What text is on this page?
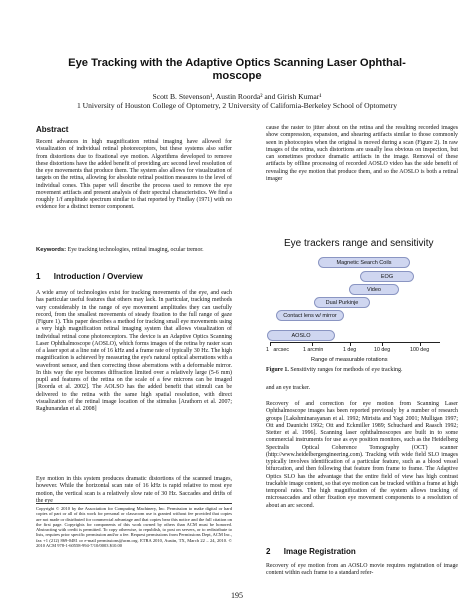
Eye Tracking with the Adaptive Optics Scanning Laser Ophthal-
moscope
Scott B. Stevenson¹, Austin Roorda² and Girish Kumar¹
1 University of Houston College of Optometry, 2 University of California-Berkeley School of Optometry
Abstract
Recent advances in high magnification retinal imaging have allowed for visualization of individual retinal photoreceptors, but these systems also suffer from distortions due to fixational eye motion. Algorithms developed to remove these distortions have the added benefit of providing arc second level resolution of the eye movements that produce them. The system also allows for visualization of targets on the retina, allowing for absolute retinal position measures to the level of individual cones. This paper will describe the process used to remove the eye movement artifacts and present analysis of their spectral characteristics. We find a roughly 1/f amplitude spectrum similar to that reported by Findlay (1971) with no evidence for a distinct tremor component.
Keywords: Eye tracking technologies, retinal imaging, ocular tremor.
1      Introduction / Overview
A wide array of technologies exist for tracking movements of the eye, and each has particular useful features that others may lack. In particular, tracking methods vary considerably in the range of eye movement amplitudes they can usefully record, from the smallest movements of steady fixation to the full range of gaze (Figure 1). This paper describes a method for tracking small eye movements using a very high magnification retinal imaging system that allows visualization of individual retinal cone photoreceptors. The device is an Adaptive Optics Scanning Laser Ophthalmoscope (AOSLO), which forms images of the retina by raster scan of a laser spot at a line rate of 16 kHz and a frame rate of typically 30 Hz. The high magnification is achieved by measuring the eye's natural optical aberrations with a wavefront sensor, and then correcting those aberrations with a deformable mirror. In this way the eye becomes diffraction limited over a relatively large (5-6 mm) pupil and features of the retina on the scale of a few microns can be imaged [Roorda et al. 2002]. The AOLSO has the added benefit that stimuli can be delivered to the retina with the same high spatial resolution, with direct visualization of the retinal image location of the stimulus [Arathorn et al. 2007; Raghunandan et al. 2008]
Eye motion in this system produces dramatic distortions of the scanned images, however. While the horizontal scan rate of 16 kHz is rapid relative to most eye motion, the vertical scan is a relatively slow rate of 30 Hz. Saccades and drifts of the eye
Copyright © 2010 by the Association for Computing Machinery, Inc. Permission to make digital or hard copies of part or all of this work for personal or classroom use is granted without fee provided that copies are not made or distributed for commercial advantage and that copies bear this notice and the full citation on the first page. Copyrights for components of this work owned by others than ACM must be honored. Abstracting with credit is permitted. To copy otherwise, to republish, to post on servers, or to redistribute to lists, requires prior specific permission and/or a fee. Request permissions from Permissions Dept, ACM Inc., fax +1 (212) 869-0481 or e-mail permissions@acm.org. ETRA 2010, Austin, TX, March 22 – 24, 2010. © 2010 ACM 978-1-60558-994-7/10/0003 $10.00
cause the raster to jitter about on the retina and the resulting recorded images show compression, expansion, and shearing artifacts similar to those commonly seen in photocopies when the original is moved during a scan (Figure 2). In raw images of the retina, such distortions are usually less obvious on inspection, but can sometimes produce dramatic artifacts in the image. Removal of these artifacts by offline processing of recorded AOSLO video has the side benefit of revealing the eye motion that produce them, and so the AOSLO is both a retinal imager
Eye trackers range and sensitivity
Magnetic Search Coils
EOG
Video
Dual Purkinje
Contact lens w/ mirror
AOSLO
1   arcsec	1 arcmin	1 deg	10 deg	100 deg
Range of measurable rotations
Figure 1. Sensitivity ranges for methods of eye tracking.
and an eye tracker.
Recovery of and correction for eye motion from Scanning Laser Ophthalmoscope images has been reported previously by a number of research groups [Lakshminarayanan et al. 1992; Mirisita and Yagi 2001; Mulligan 1997; Ott and Daunicht 1992; Ott and Eckmiller 1989; Schuchard and Raasch 1992; Stetter et al. 1996]. Scanning laser ophthalmoscopes are built in to some commercial instruments for use as eye position monitors, such as the Heidelberg Spectralis Optical Coherence Tomography (OCT) scanner (http://www.heidelbergengineering.com). Tracking with wide field SLO images typically involves identification of a particular feature, such as a blood vessel bifurcation, and then following that feature from frame to frame. The Adaptive Optics SLO has the advantage that the entire field of view has high contrast trackable image content, so that eye motion can be tracked within a frame at high temporal rates. The high magnification of the system allows tracking of microsaccades and other fixation eye movement components to a resolution of about an arc second.
2      Image Registration
Recovery of eye motion from an AOSLO movie requires registration of image content within each frame to a standard refer-
195
